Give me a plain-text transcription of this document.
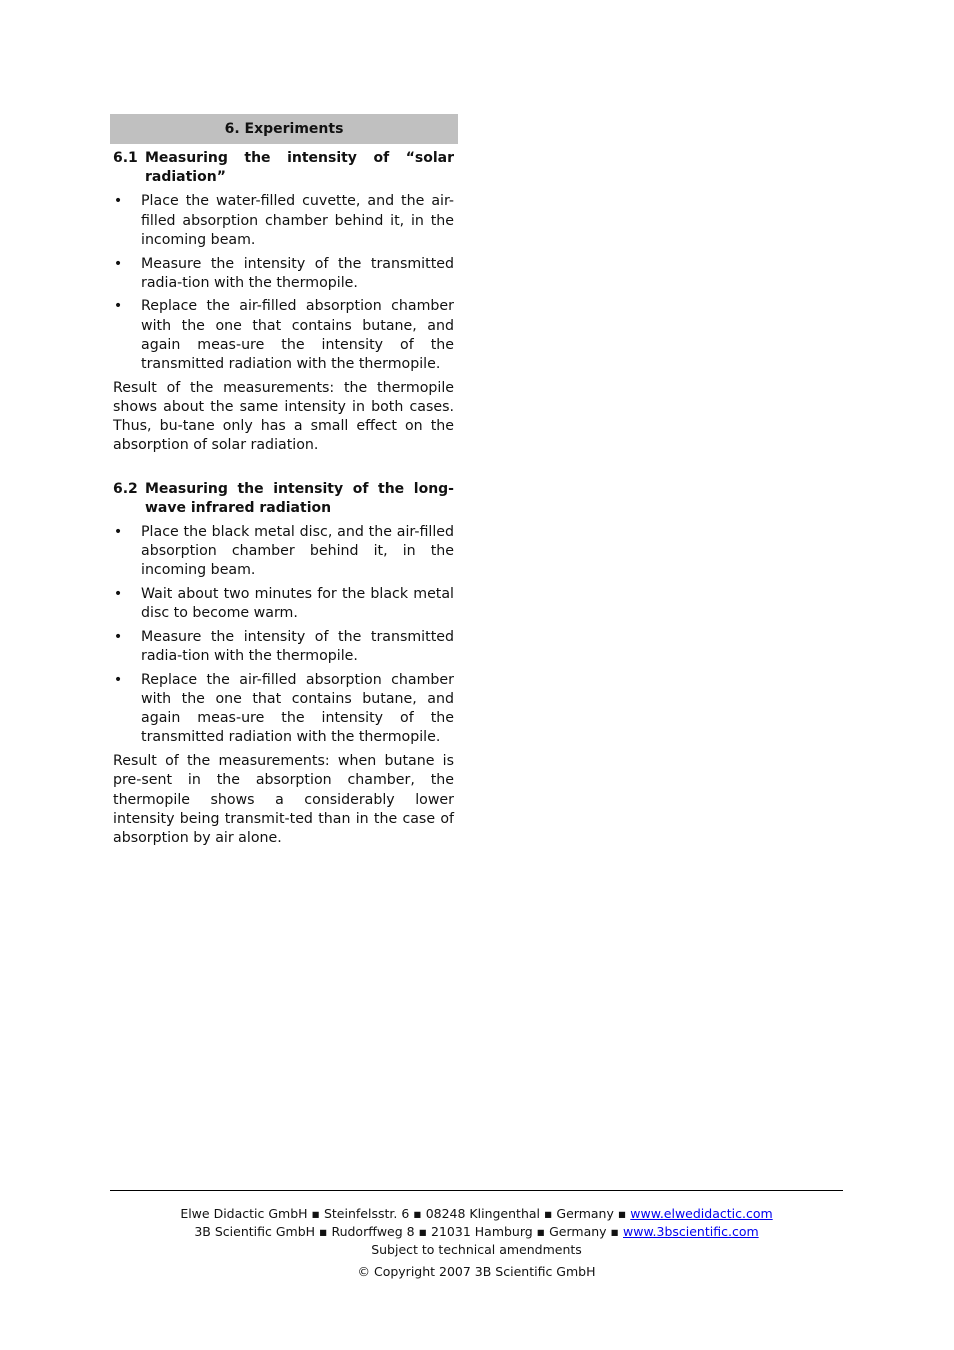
6. Experiments
6.1 Measuring the intensity of “solar radiation”
• Place the water-filled cuvette, and the air-filled absorption chamber behind it, in the incoming beam.
• Measure the intensity of the transmitted radia-tion with the thermopile.
• Replace the air-filled absorption chamber with the one that contains butane, and again meas-ure the intensity of the transmitted radiation with the thermopile.

Result of the measurements: the thermopile shows about the same intensity in both cases. Thus, bu-tane only has a small effect on the absorption of solar radiation.

6.2 Measuring the intensity of the long-wave infrared radiation
• Place the black metal disc, and the air-filled absorption chamber behind it, in the incoming beam.
• Wait about two minutes for the black metal disc to become warm.
• Measure the intensity of the transmitted radia-tion with the thermopile.
• Replace the air-filled absorption chamber with the one that contains butane, and again meas-ure the intensity of the transmitted radiation with the thermopile.

Result of the measurements: when butane is pre-sent in the absorption chamber, the thermopile shows a considerably lower intensity being transmit-ted than in the case of absorption by air alone.

Elwe Didactic GmbH ▪ Steinfelsstr. 6 ▪ 08248 Klingenthal ▪ Germany ▪ www.elwedidactic.com
3B Scientific GmbH ▪ Rudorffweg 8 ▪ 21031 Hamburg ▪ Germany ▪ www.3bscientific.com
Subject to technical amendments
© Copyright 2007 3B Scientific GmbH
